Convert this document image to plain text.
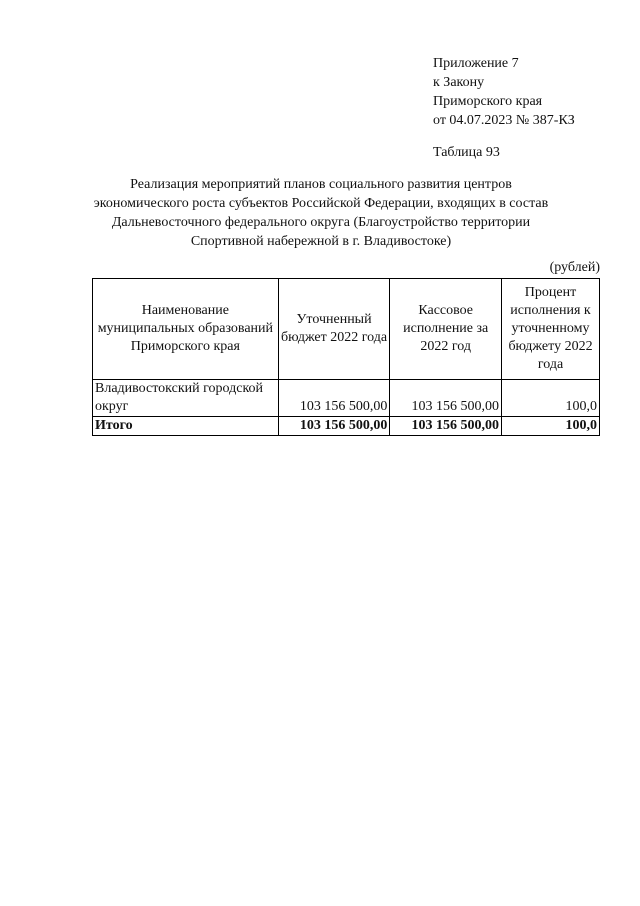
Приложение 7
к Закону
Приморского края
от 04.07.2023 № 387-КЗ
Таблица 93
Реализация мероприятий планов социального развития центров экономического роста субъектов Российской Федерации, входящих в состав Дальневосточного федерального округа (Благоустройство территории Спортивной набережной в г. Владивостоке)
(рублей)
Наименование муниципальных образований Приморского края	Уточненный бюджет 2022 года	Кассовое исполнение за 2022 год	Процент исполнения к уточненному бюджету 2022 года
Владивостокский городской округ	103 156 500,00	103 156 500,00	100,0
Итого	103 156 500,00	103 156 500,00	100,0
